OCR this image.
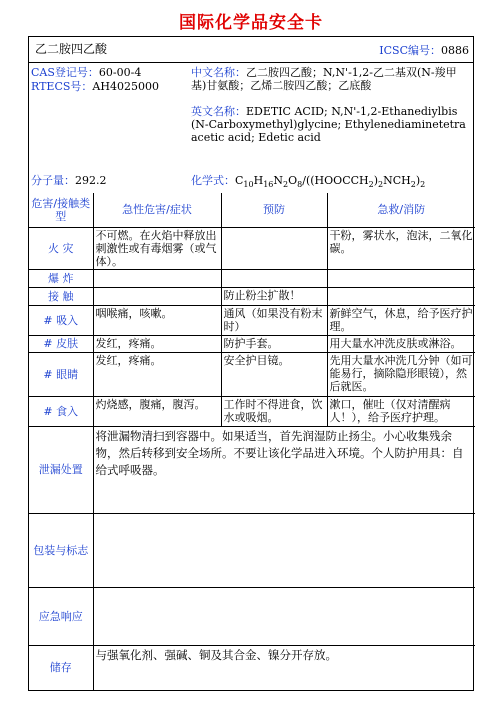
国际化学品安全卡
乙二胺四乙酸	ICSC编号：0886
CAS登记号：60-00-4
RTECS号：AH4025000
中文名称：乙二胺四乙酸；N,N'-1,2-乙二基双(N-羧甲基)甘氨酸；乙烯二胺四乙酸；乙底酸
英文名称：EDETIC ACID; N,N'-1,2-Ethanediylbis (N-Carboxymethyl)glycine; Ethylenediaminetetraacetic acid; Edetic acid
分子量：292.2	化学式：$C_{10}H_{16}N_2O_8/((HOOCCH_2)_2NCH_2)_2$
危害/接触类型	急性危害/症状	预防	急救/消防
火 灾	不可燃。在火焰中释放出刺激性或有毒烟雾（或气体）。		干粉，雾状水，泡沫，二氧化碳。
爆 炸			
接 触		防止粉尘扩散！	
# 吸入	咽喉痛，咳嗽。	通风（如果没有粉末时）	新鲜空气，休息，给予医疗护理。
# 皮肤	发红，疼痛。	防护手套。	用大量水冲洗皮肤或淋浴。
# 眼睛	发红，疼痛。	安全护目镜。	先用大量水冲洗几分钟（如可能易行，摘除隐形眼镜），然后就医。
# 食入	灼烧感，腹痛，腹泻。	工作时不得进食，饮水或吸烟。	漱口，催吐（仅对清醒病人！），给予医疗护理。
泄漏处置	将泄漏物清扫到容器中。如果适当，首先润湿防止扬尘。小心收集残余物，然后转移到安全场所。不要让该化学品进入环境。个人防护用具：自给式呼吸器。		
包装与标志			
应急响应			
储存	与强氧化剂、强碱、铜及其合金、镍分开存放。		
